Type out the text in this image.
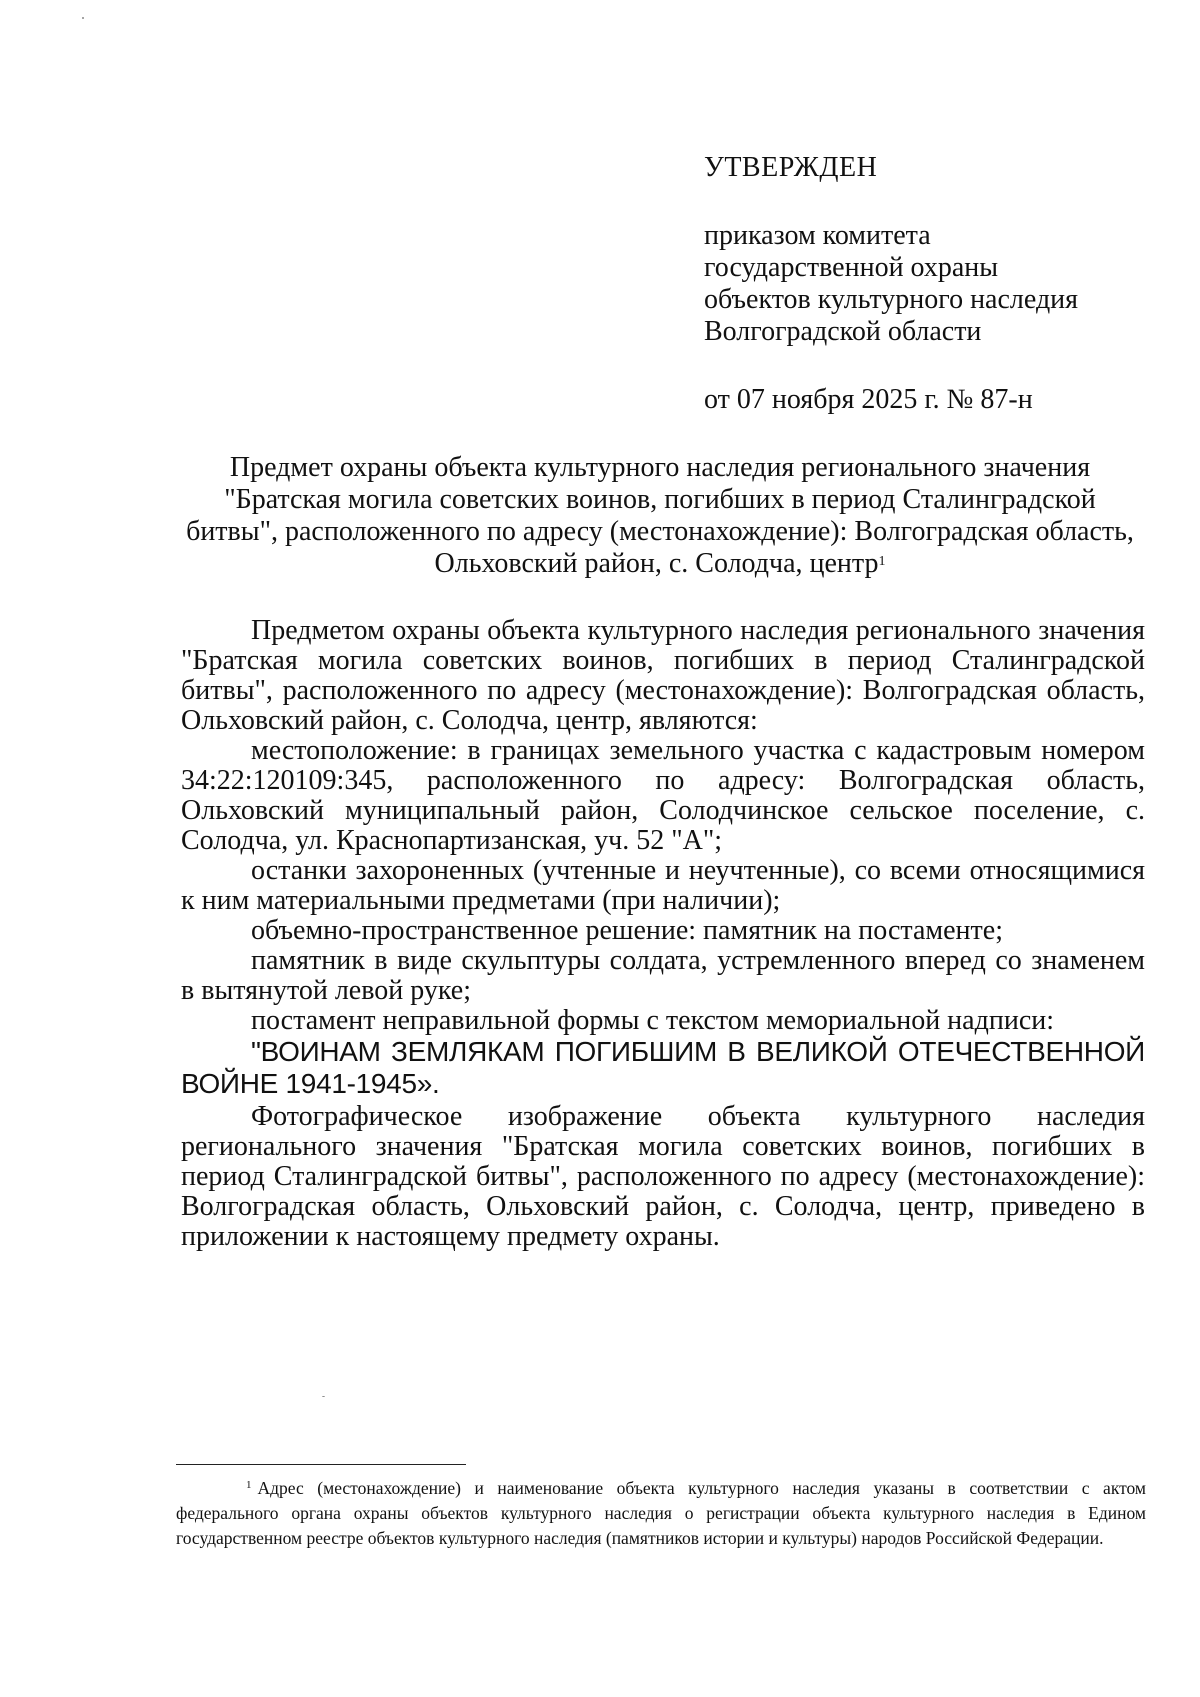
УТВЕРЖДЕН
приказом комитета
государственной охраны
объектов культурного наследия
Волгоградской области
от 07 ноября 2025 г. № 87-н
Предмет охраны объекта культурного наследия регионального значения "Братская могила советских воинов, погибших в период Сталинградской битвы", расположенного по адресу (местонахождение): Волгоградская область, Ольховский район, с. Солодча, центр$^1$

Предметом охраны объекта культурного наследия регионального значения "Братская могила советских воинов, погибших в период Сталинградской битвы", расположенного по адресу (местонахождение): Волгоградская область, Ольховский район, с. Солодча, центр, являются:

местоположение: в границах земельного участка с кадастровым номером 34:22:120109:345, расположенного по адресу: Волгоградская область, Ольховский муниципальный район, Солодчинское сельское поселение, с. Солодча, ул. Краснопартизанская, уч. 52 "А";

останки захороненных (учтенные и неучтенные), со всеми относящимися к ним материальными предметами (при наличии);

объемно-пространственное решение: памятник на постаменте;

памятник в виде скульптуры солдата, устремленного вперед со знаменем в вытянутой левой руке;

постамент неправильной формы с текстом мемориальной надписи:

"ВОИНАМ ЗЕМЛЯКАМ ПОГИБШИМ В ВЕЛИКОЙ ОТЕЧЕСТВЕННОЙ ВОЙНЕ 1941-1945».

Фотографическое изображение объекта культурного наследия регионального значения "Братская могила советских воинов, погибших в период Сталинградской битвы", расположенного по адресу (местонахождение): Волгоградская область, Ольховский район, с. Солодча, центр, приведено в приложении к настоящему предмету охраны.

$^1$ Адрес (местонахождение) и наименование объекта культурного наследия указаны в соответствии с актом федерального органа охраны объектов культурного наследия о регистрации объекта культурного наследия в Едином государственном реестре объектов культурного наследия (памятников истории и культуры) народов Российской Федерации.
